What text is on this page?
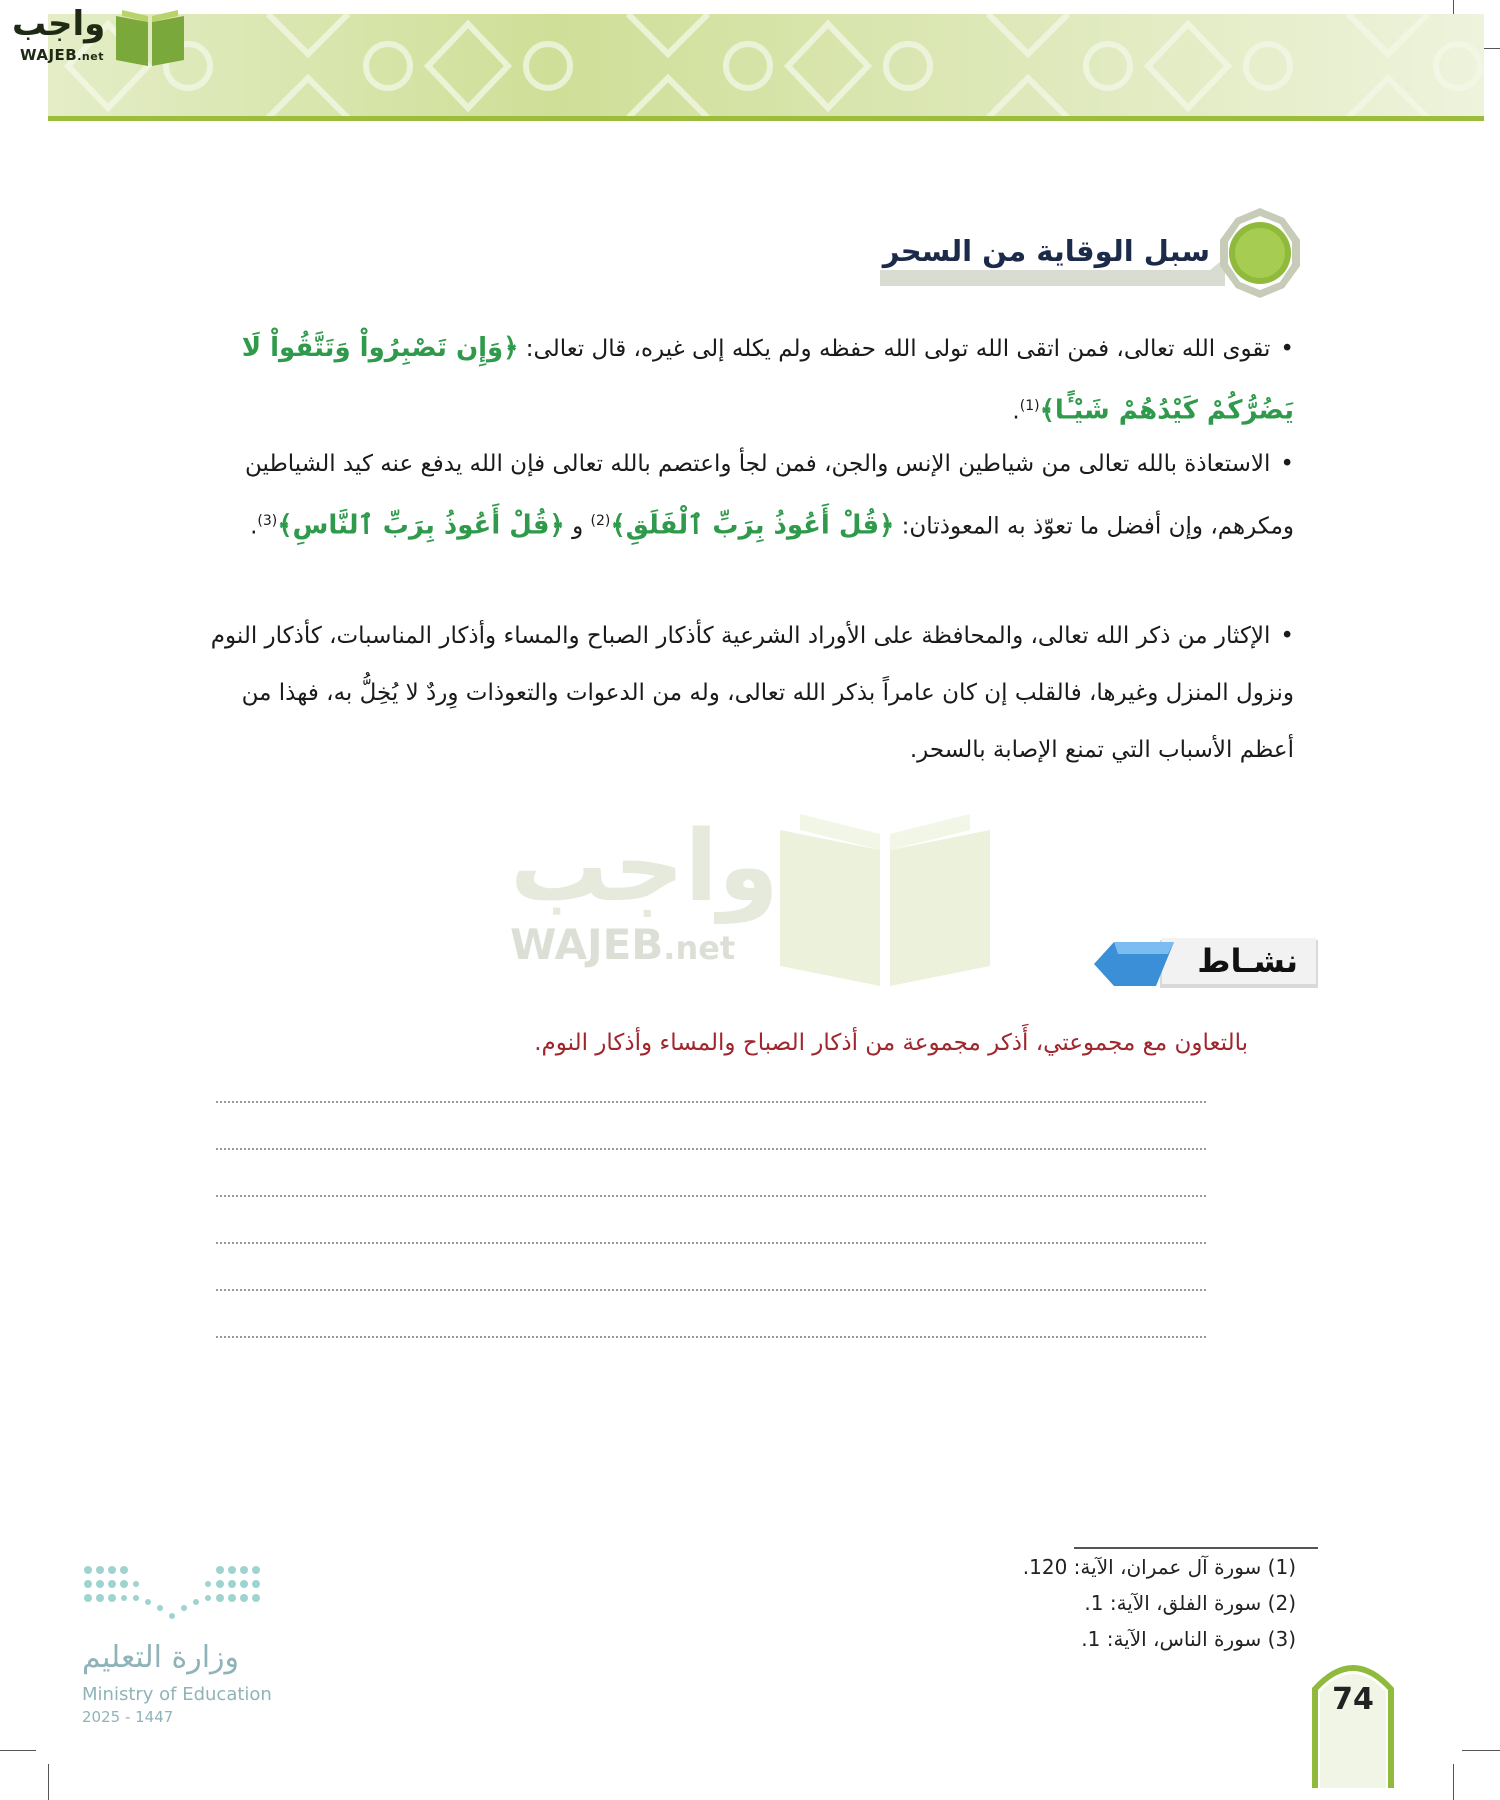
واجب
WAJEB.net
سبل الوقاية من السحر
•تقوى الله تعالى، فمن اتقى الله تولى الله حفظه ولم يكله إلى غيره، قال تعالى: ﴿وَإِن تَصْبِرُواْ وَتَتَّقُواْ لَا يَضُرُّكُمْ كَيْدُهُمْ شَيْـًٔا﴾$^{(1)}$.
•الاستعاذة بالله تعالى من شياطين الإنس والجن، فمن لجأ واعتصم بالله تعالى فإن الله يدفع عنه كيد الشياطين ومكرهم، وإن أفضل ما تعوّذ به المعوذتان: ﴿قُلْ أَعُوذُ بِرَبِّ ٱلْفَلَقِ﴾$^{(2)}$ و ﴿قُلْ أَعُوذُ بِرَبِّ ٱلنَّاسِ﴾$^{(3)}$.
•الإكثار من ذكر الله تعالى، والمحافظة على الأوراد الشرعية كأذكار الصباح والمساء وأذكار المناسبات، كأذكار النوم ونزول المنزل وغيرها، فالقلب إن كان عامراً بذكر الله تعالى، وله من الدعوات والتعوذات وِردٌ لا يُخِلُّ به، فهذا من أعظم الأسباب التي تمنع الإصابة بالسحر.
واجب
WAJEB.net	نشـاط
بالتعاون مع مجموعتي، أَذكر مجموعة من أذكار الصباح والمساء وأذكار النوم.
(1) سورة آل عمران، الآية: 120.
(2) سورة الفلق، الآية: 1.
(3) سورة الناس، الآية: 1.
وزارة التعليم
Ministry of Education
2025 - 1447	74
